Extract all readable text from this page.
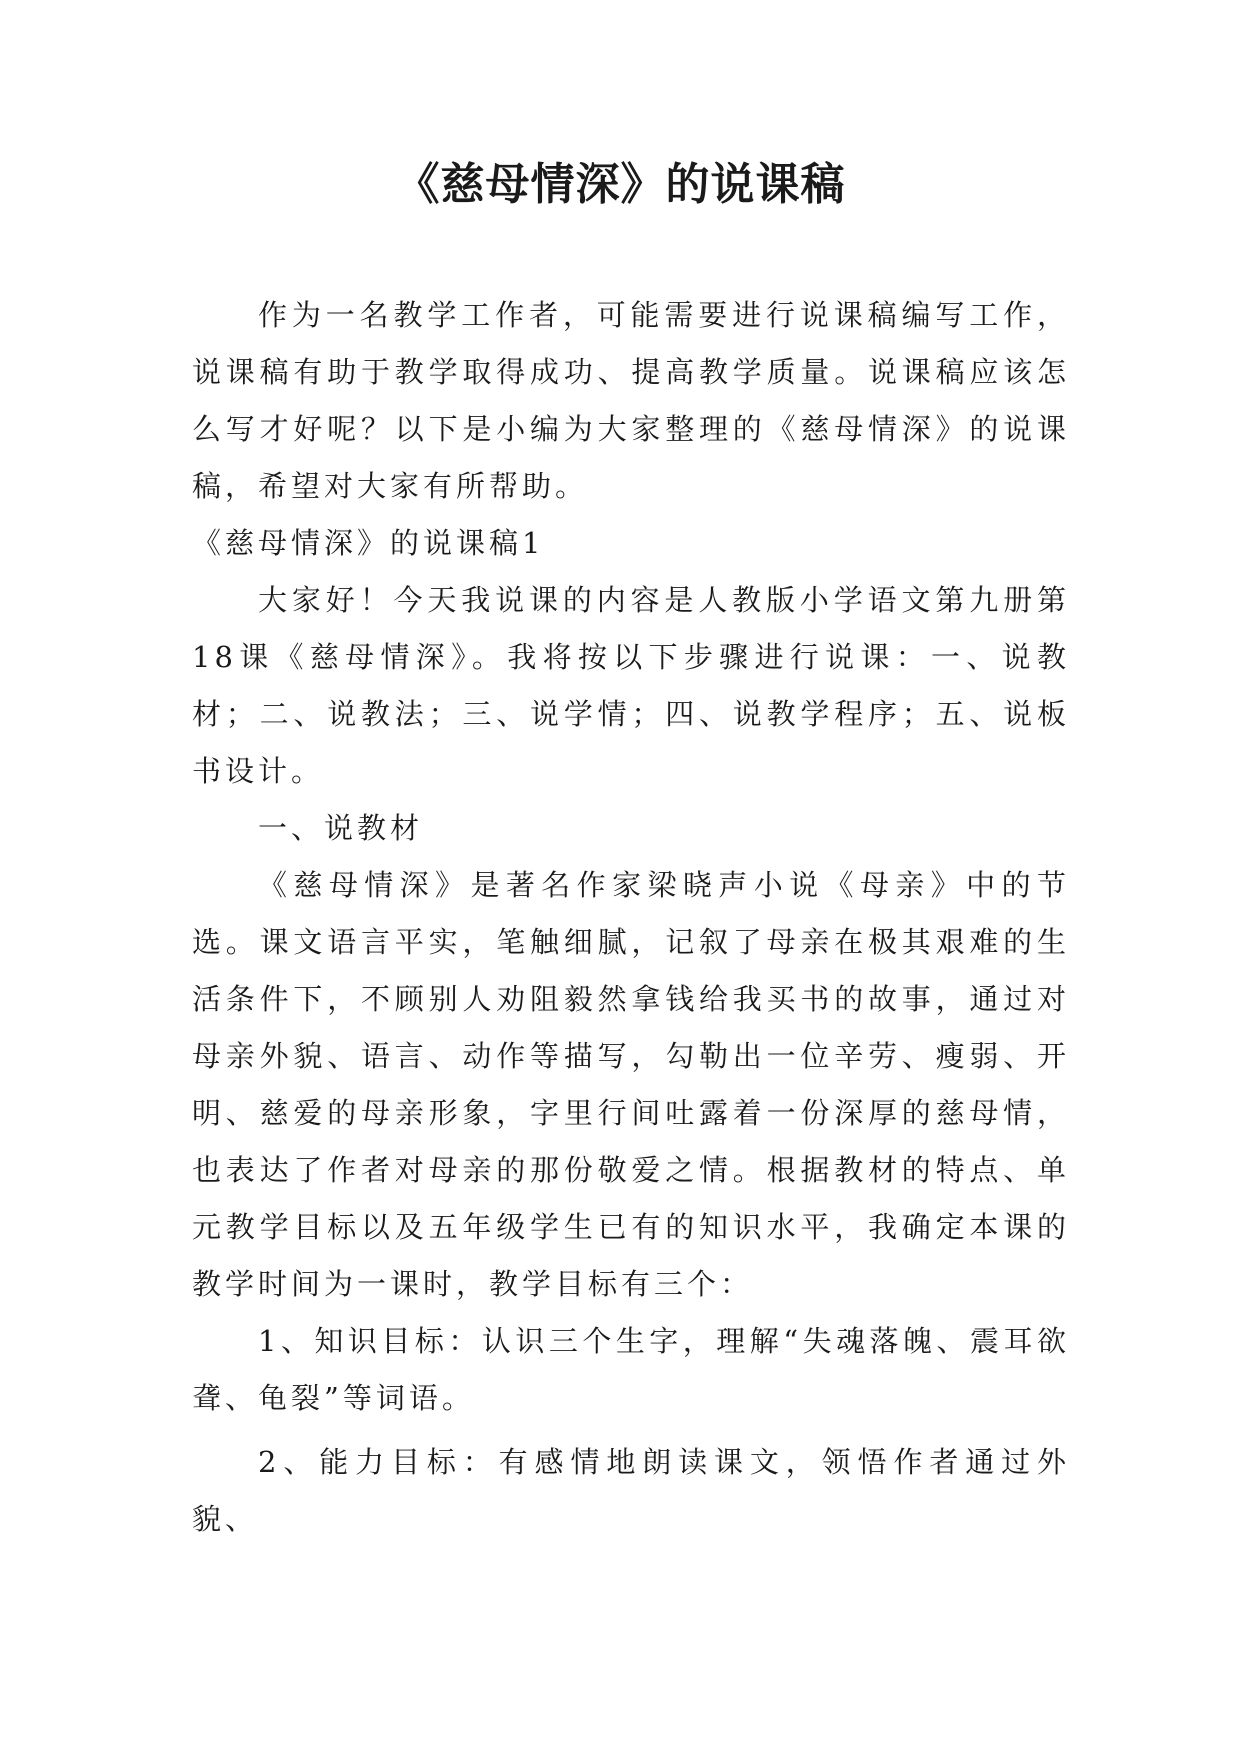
《慈母情深》的说课稿

作为一名教学工作者，可能需要进行说课稿编写工作，说课稿有助于教学取得成功、提高教学质量。说课稿应该怎么写才好呢？以下是小编为大家整理的《慈母情深》的说课稿，希望对大家有所帮助。

《慈母情深》的说课稿1

大家好！今天我说课的内容是人教版小学语文第九册第18课《慈母情深》。我将按以下步骤进行说课：一、说教材；二、说教法；三、说学情；四、说教学程序；五、说板书设计。

一、说教材

《慈母情深》是著名作家梁晓声小说《母亲》中的节选。课文语言平实，笔触细腻，记叙了母亲在极其艰难的生活条件下，不顾别人劝阻毅然拿钱给我买书的故事，通过对母亲外貌、语言、动作等描写，勾勒出一位辛劳、瘦弱、开明、慈爱的母亲形象，字里行间吐露着一份深厚的慈母情，也表达了作者对母亲的那份敬爱之情。根据教材的特点、单元教学目标以及五年级学生已有的知识水平，我确定本课的教学时间为一课时，教学目标有三个：

1、知识目标：认识三个生字，理解“失魂落魄、震耳欲聋、龟裂”等词语。

2、能力目标：有感情地朗读课文，领悟作者通过外貌、
